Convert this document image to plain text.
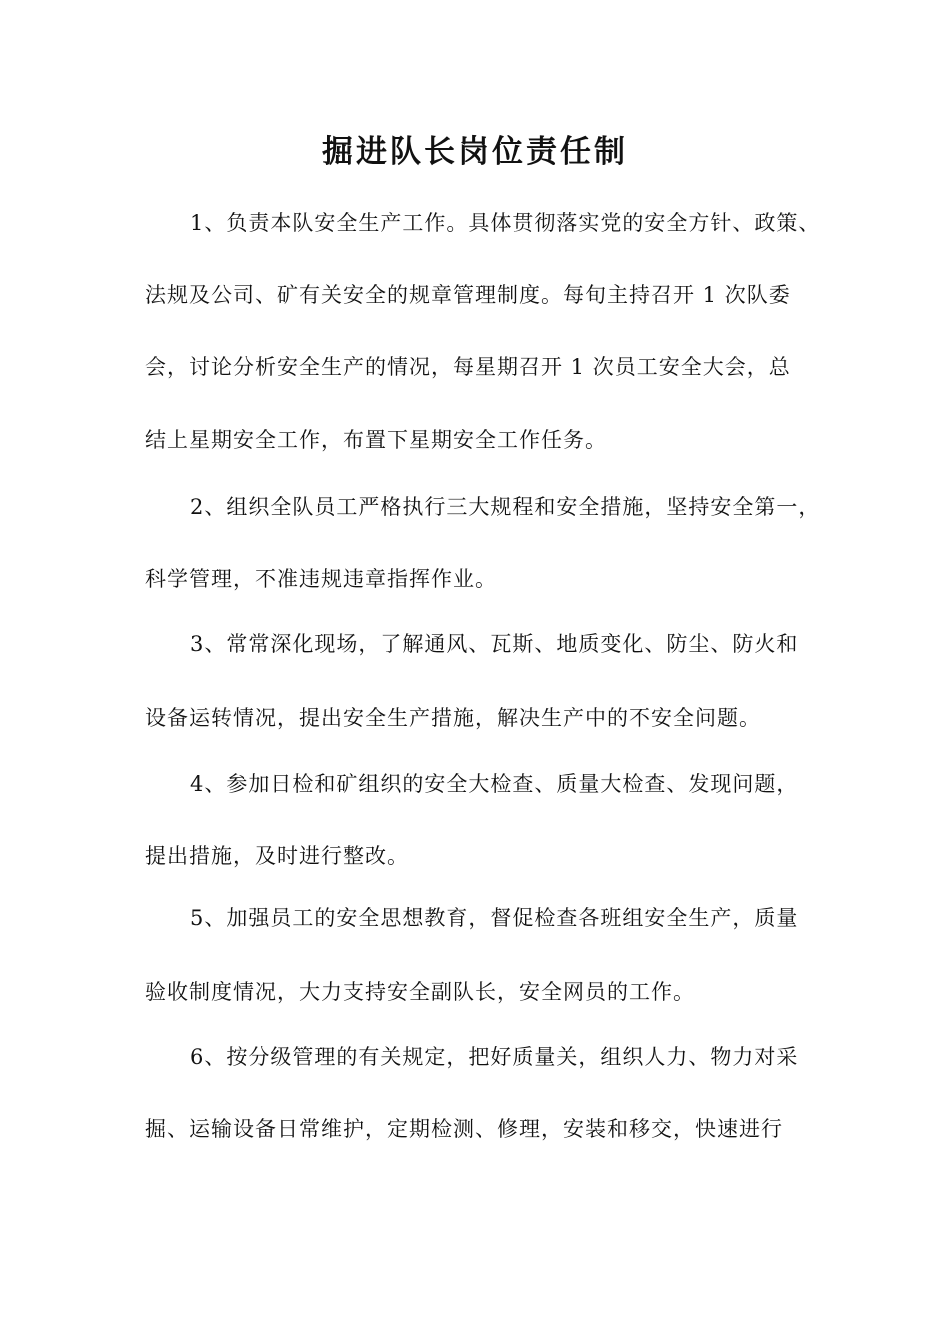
掘进队长岗位责任制
1、负责本队安全生产工作。具体贯彻落实党的安全方针、政策、
法规及公司、矿有关安全的规章管理制度。每旬主持召开 1 次队委
会，讨论分析安全生产的情况，每星期召开 1 次员工安全大会，总
结上星期安全工作，布置下星期安全工作任务。
2、组织全队员工严格执行三大规程和安全措施，坚持安全第一，
科学管理，不准违规违章指挥作业。
3、常常深化现场，了解通风、瓦斯、地质变化、防尘、防火和
设备运转情况，提出安全生产措施，解决生产中的不安全问题。
4、参加日检和矿组织的安全大检查、质量大检查、发现问题，
提出措施，及时进行整改。
5、加强员工的安全思想教育，督促检查各班组安全生产，质量
验收制度情况，大力支持安全副队长，安全网员的工作。
6、按分级管理的有关规定，把好质量关，组织人力、物力对采
掘、运输设备日常维护，定期检测、修理，安装和移交，快速进行
